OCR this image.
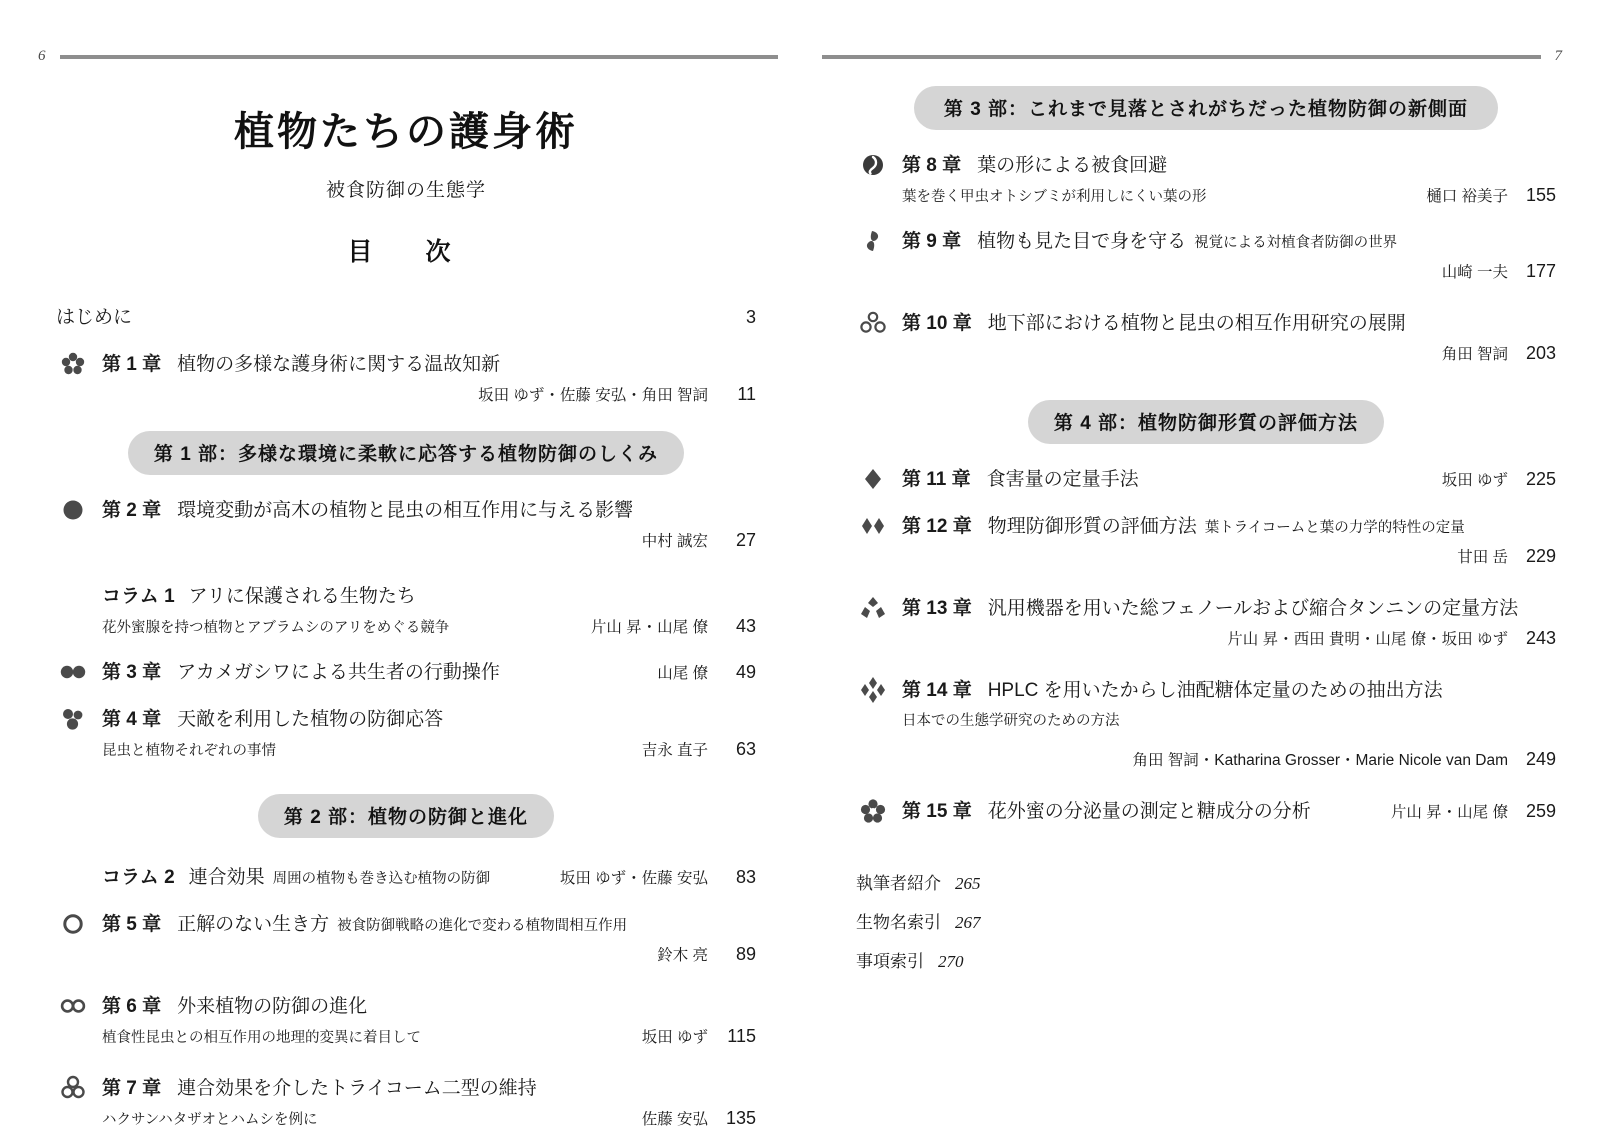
6	7
植物たちの護身術
被食防御の生態学
目　次
はじめに	3
第 1 章 植物の多様な護身術に関する温故知新
坂田 ゆず・佐藤 安弘・角田 智詞	11
第 1 部：多様な環境に柔軟に応答する植物防御のしくみ
第 2 章 環境変動が高木の植物と昆虫の相互作用に与える影響
中村 誠宏	27
コラム 1 アリに保護される生物たち
花外蜜腺を持つ植物とアブラムシのアリをめぐる競争	片山 昇・山尾 僚	43
第 3 章 アカメガシワによる共生者の行動操作	山尾 僚	49
第 4 章 天敵を利用した植物の防御応答
昆虫と植物それぞれの事情	吉永 直子	63
第 2 部：植物の防御と進化
コラム 2 連合効果 周囲の植物も巻き込む植物の防御	坂田 ゆず・佐藤 安弘	83
第 5 章 正解のない生き方 被食防御戦略の進化で変わる植物間相互作用
鈴木 亮	89
第 6 章 外来植物の防御の進化
植食性昆虫との相互作用の地理的変異に着目して	坂田 ゆず 115
第 7 章 連合効果を介したトライコーム二型の維持
ハクサンハタザオとハムシを例に	佐藤 安弘 135
第 3 部：これまで見落とされがちだった植物防御の新側面
第 8 章 葉の形による被食回避
葉を巻く甲虫オトシブミが利用しにくい葉の形	樋口 裕美子 155
第 9 章 植物も見た目で身を守る 視覚による対植食者防御の世界
山崎 一夫 177
第 10 章 地下部における植物と昆虫の相互作用研究の展開
角田 智詞 203
第 4 部：植物防御形質の評価方法
第 11 章 食害量の定量手法	坂田 ゆず 225
第 12 章 物理防御形質の評価方法 葉トライコームと葉の力学的特性の定量
甘田 岳 229
第 13 章 汎用機器を用いた総フェノールおよび縮合タンニンの定量方法
片山 昇・西田 貴明・山尾 僚・坂田 ゆず 243
第 14 章 HPLC を用いたからし油配糖体定量のための抽出方法
日本での生態学研究のための方法
角田 智詞・Katharina Grosser・Marie Nicole van Dam 249
第 15 章 花外蜜の分泌量の測定と糖成分の分析	片山 昇・山尾 僚 259
執筆者紹介 265
生物名索引 267
事項索引 270
